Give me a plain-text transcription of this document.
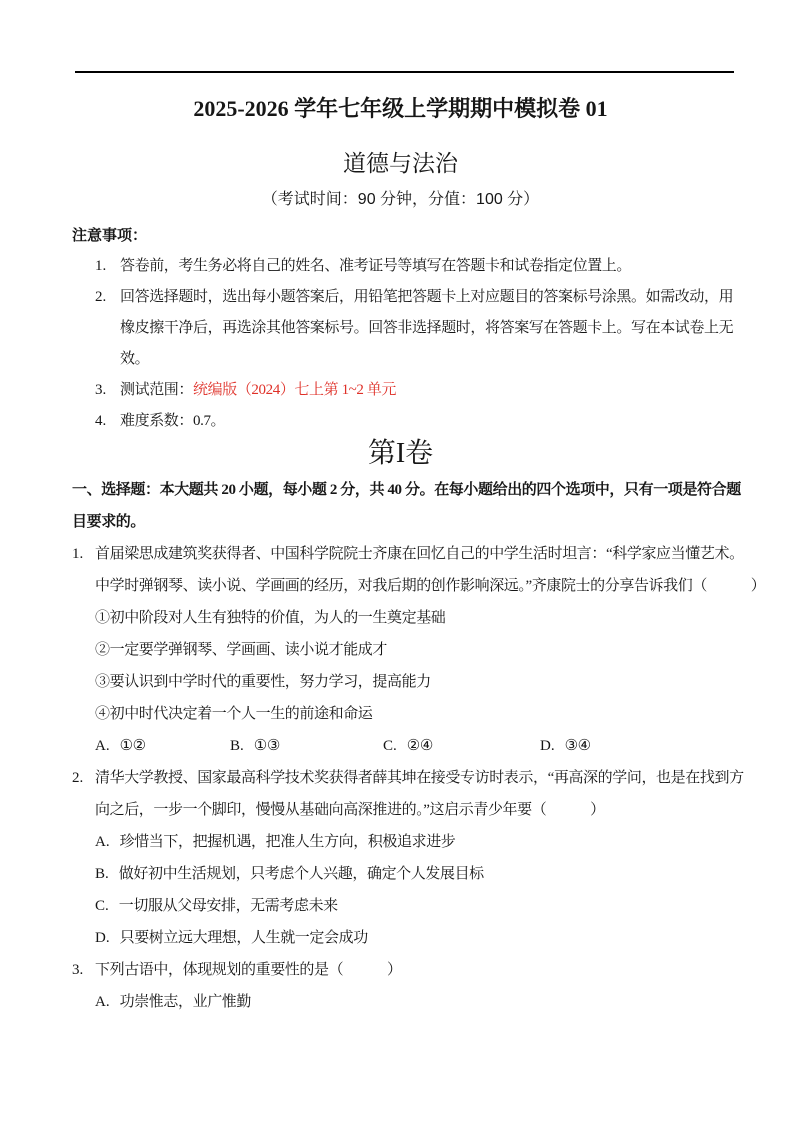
2025-2026 学年七年级上学期期中模拟卷 01
道德与法治
（考试时间：90 分钟，分值：100 分）
注意事项：
1. 答卷前，考生务必将自己的姓名、准考证号等填写在答题卡和试卷指定位置上。
2. 回答选择题时，选出每小题答案后，用铅笔把答题卡上对应题目的答案标号涂黑。如需改动，用
橡皮擦干净后，再选涂其他答案标号。回答非选择题时，将答案写在答题卡上。写在本试卷上无
效。
3. 测试范围：统编版（2024）七上第 1~2 单元
4. 难度系数：0.7。
第I卷
一、选择题：本大题共 20 小题，每小题 2 分，共 40 分。在每小题给出的四个选项中，只有一项是符合题
目要求的。
1. 首届梁思成建筑奖获得者、中国科学院院士齐康在回忆自己的中学生活时坦言：“科学家应当懂艺术。
中学时弹钢琴、读小说、学画画的经历，对我后期的创作影响深远。”齐康院士的分享告诉我们（　　　）
①初中阶段对人生有独特的价值，为人的一生奠定基础
②一定要学弹钢琴、学画画、读小说才能成才
③要认识到中学时代的重要性，努力学习，提高能力
④初中时代决定着一个人一生的前途和命运
A. ①②	B. ①③	C. ②④	D. ③④
2. 清华大学教授、国家最高科学技术奖获得者薛其坤在接受专访时表示，“再高深的学问，也是在找到方
向之后，一步一个脚印，慢慢从基础向高深推进的。”这启示青少年要（　　　）
A. 珍惜当下，把握机遇，把准人生方向，积极追求进步
B. 做好初中生活规划，只考虑个人兴趣，确定个人发展目标
C. 一切服从父母安排，无需考虑未来
D. 只要树立远大理想，人生就一定会成功
3. 下列古语中，体现规划的重要性的是（　　　）
A. 功崇惟志，业广惟勤
